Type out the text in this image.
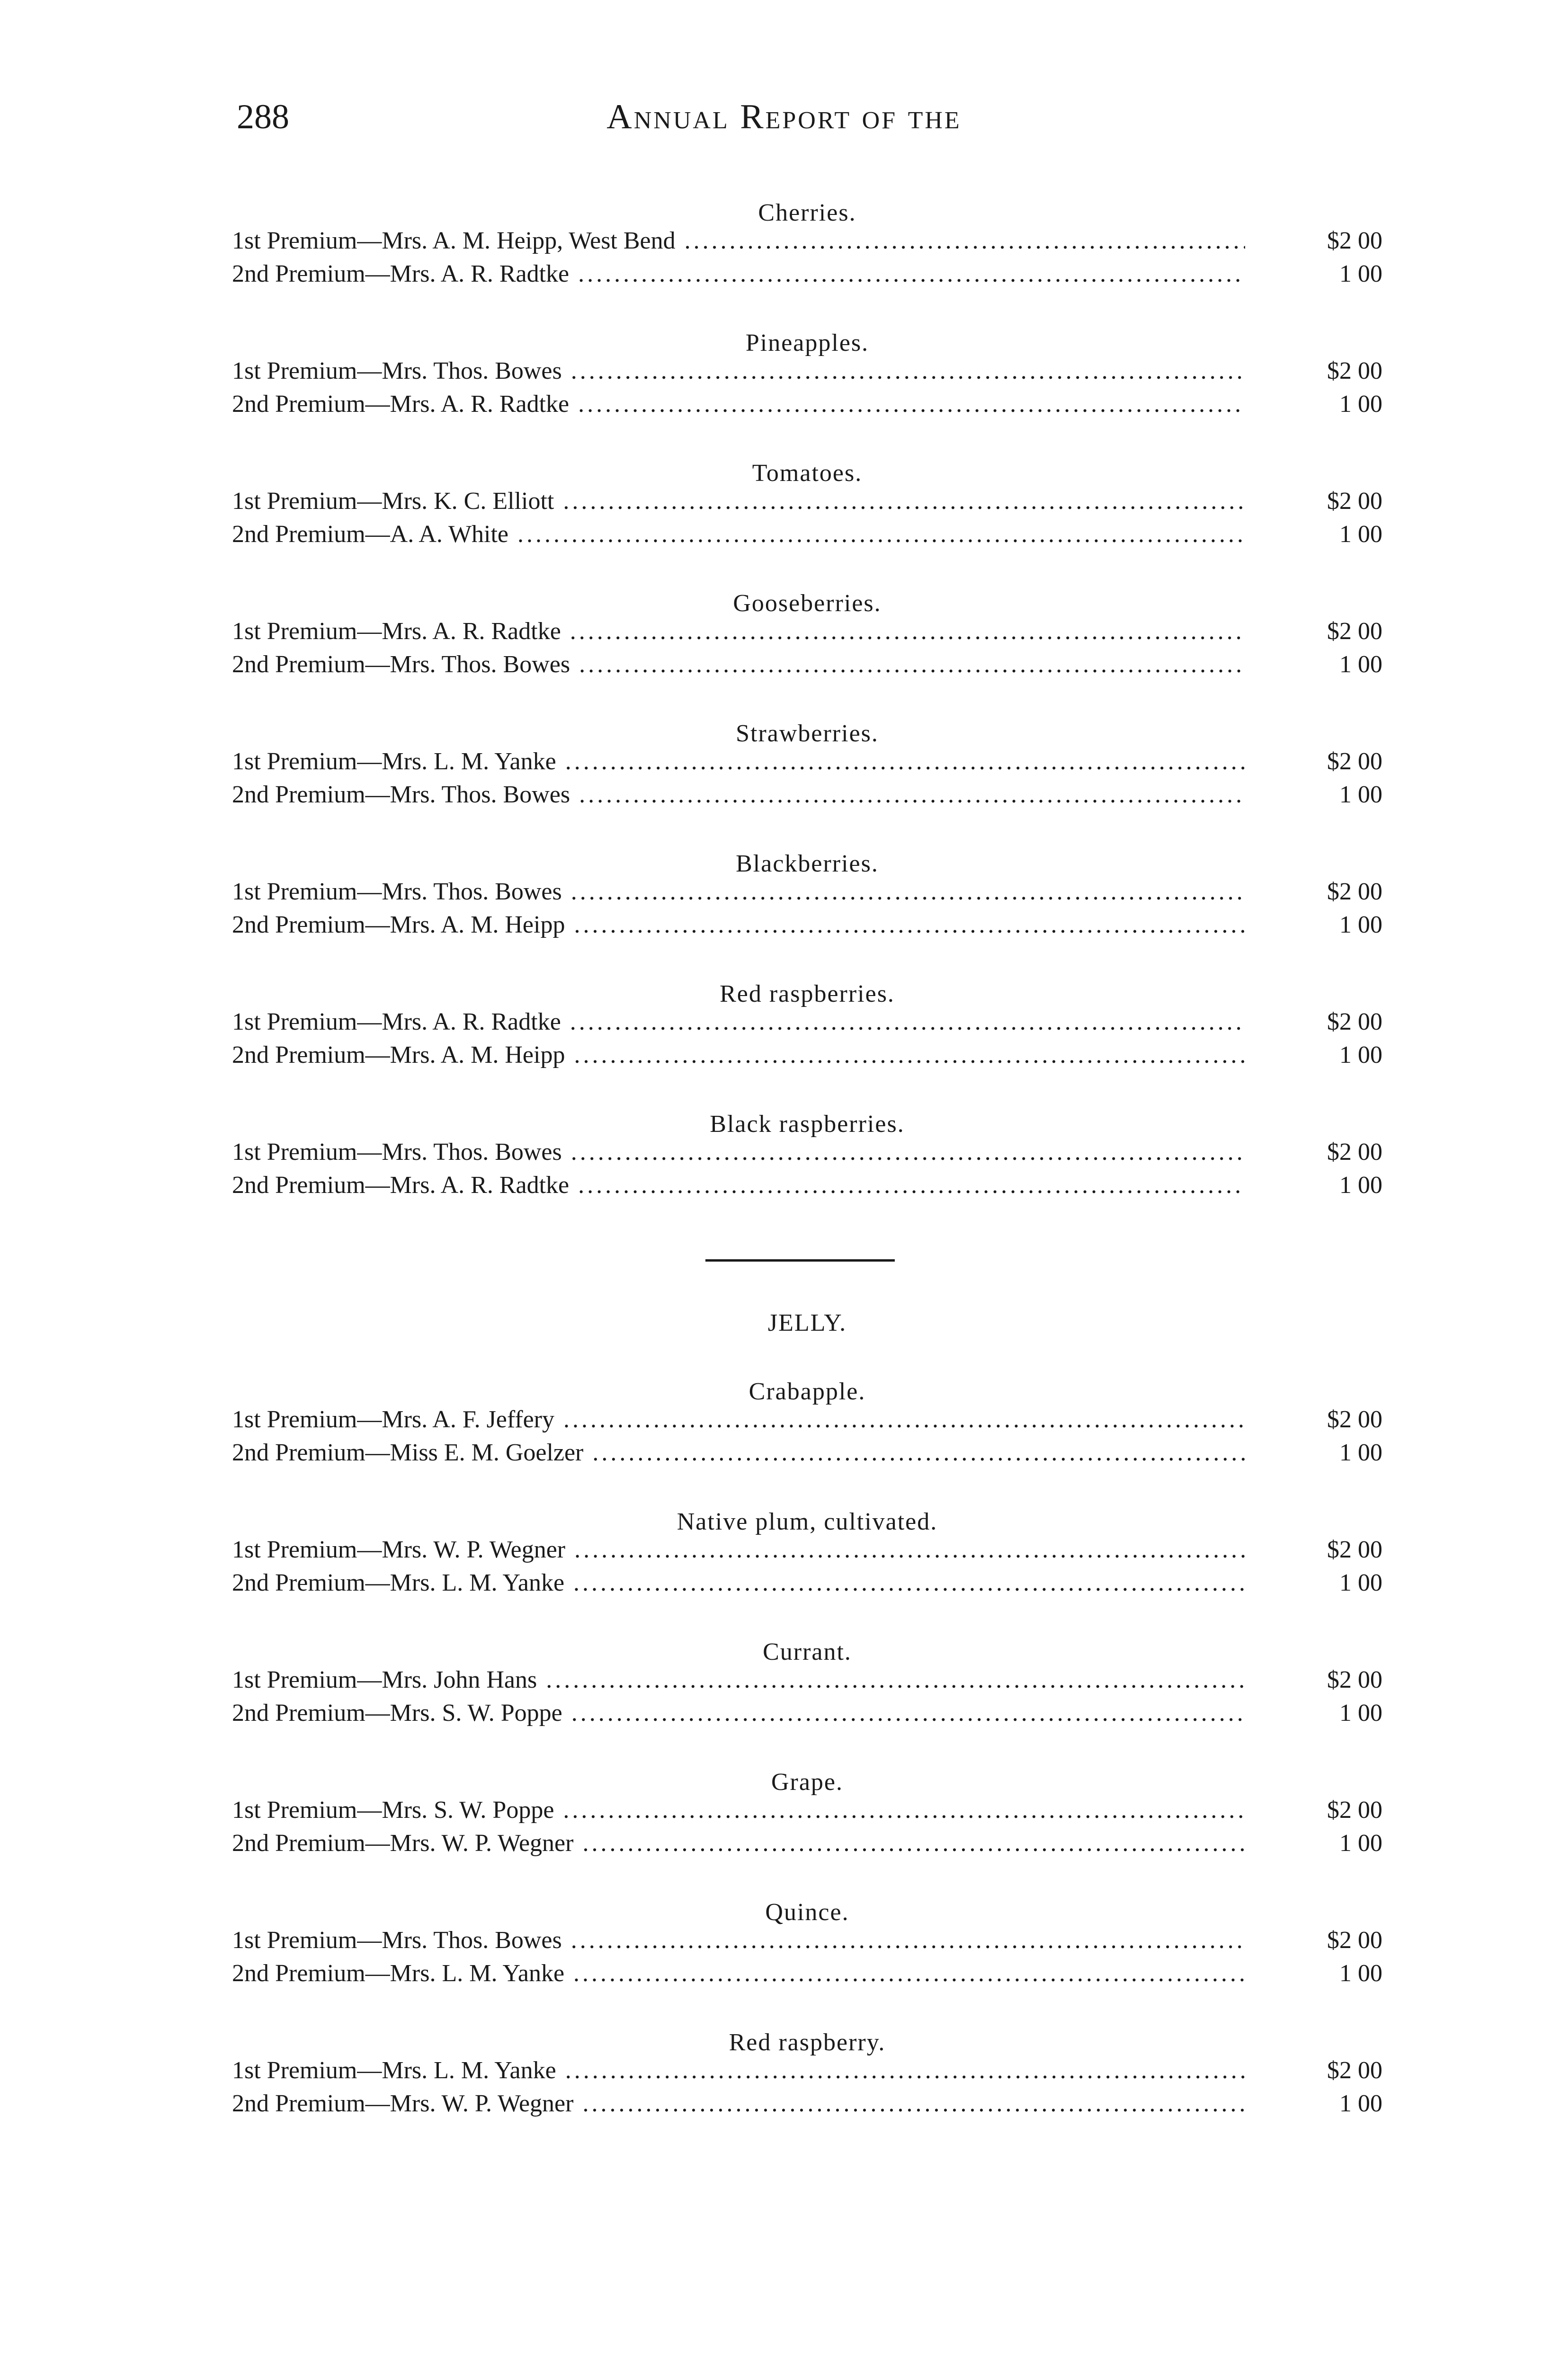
288	Annual Report of the
Cherries.
1st Premium—Mrs. A. M. Heipp, West Bend .....	$2 00
2nd Premium—Mrs. A. R. Radtke .....	1 00
Pineapples.
1st Premium—Mrs. Thos. Bowes .....	$2 00
2nd Premium—Mrs. A. R. Radtke .....	1 00
Tomatoes.
1st Premium—Mrs. K. C. Elliott .....	$2 00
2nd Premium—A. A. White .....	1 00
Gooseberries.
1st Premium—Mrs. A. R. Radtke .....	$2 00
2nd Premium—Mrs. Thos. Bowes .....	1 00
Strawberries.
1st Premium—Mrs. L. M. Yanke .....	$2 00
2nd Premium—Mrs. Thos. Bowes .....	1 00
Blackberries.
1st Premium—Mrs. Thos. Bowes .....	$2 00
2nd Premium—Mrs. A. M. Heipp .....	1 00
Red raspberries.
1st Premium—Mrs. A. R. Radtke .....	$2 00
2nd Premium—Mrs. A. M. Heipp .....	1 00
Black raspberries.
1st Premium—Mrs. Thos. Bowes .....	$2 00
2nd Premium—Mrs. A. R. Radtke .....	1 00
JELLY.
Crabapple.
1st Premium—Mrs. A. F. Jeffery .....	$2 00
2nd Premium—Miss E. M. Goelzer .....	1 00
Native plum, cultivated.
1st Premium—Mrs. W. P. Wegner .....	$2 00
2nd Premium—Mrs. L. M. Yanke .....	1 00
Currant.
1st Premium—Mrs. John Hans .....	$2 00
2nd Premium—Mrs. S. W. Poppe .....	1 00
Grape.
1st Premium—Mrs. S. W. Poppe .....	$2 00
2nd Premium—Mrs. W. P. Wegner .....	1 00
Quince.
1st Premium—Mrs. Thos. Bowes .....	$2 00
2nd Premium—Mrs. L. M. Yanke .....	1 00
Red raspberry.
1st Premium—Mrs. L. M. Yanke .....	$2 00
2nd Premium—Mrs. W. P. Wegner .....	1 00
